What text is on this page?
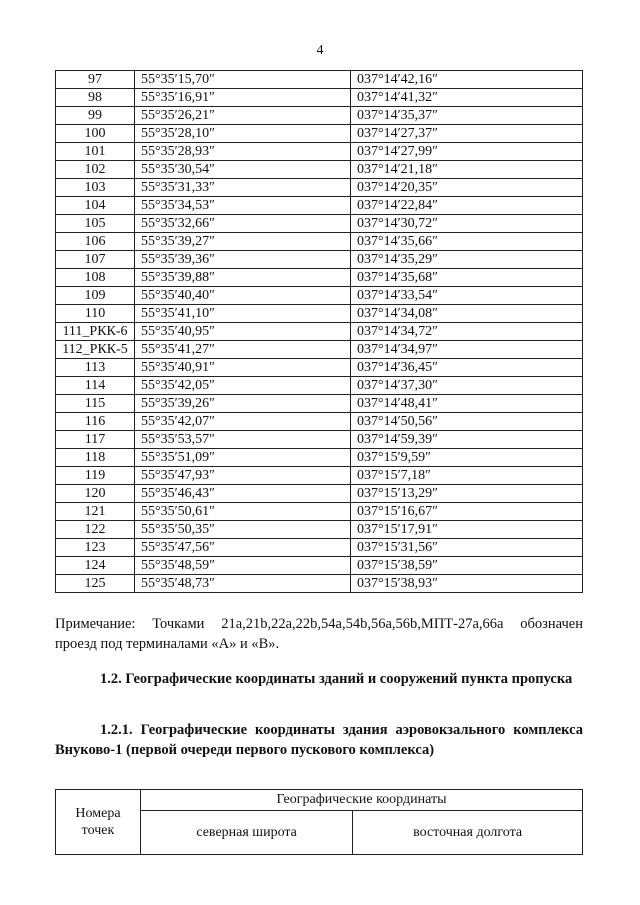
4
97	55°35′15,70″	037°14′42,16″
98	55°35′16,91″	037°14′41,32″
99	55°35′26,21″	037°14′35,37″
100	55°35′28,10″	037°14′27,37″
101	55°35′28,93″	037°14′27,99″
102	55°35′30,54″	037°14′21,18″
103	55°35′31,33″	037°14′20,35″
104	55°35′34,53″	037°14′22,84″
105	55°35′32,66″	037°14′30,72″
106	55°35′39,27″	037°14′35,66″
107	55°35′39,36″	037°14′35,29″
108	55°35′39,88″	037°14′35,68″
109	55°35′40,40″	037°14′33,54″
110	55°35′41,10″	037°14′34,08″
111_РКК-6	55°35′40,95″	037°14′34,72″
112_РКК-5	55°35′41,27″	037°14′34,97″
113	55°35′40,91″	037°14′36,45″
114	55°35′42,05″	037°14′37,30″
115	55°35′39,26″	037°14′48,41″
116	55°35′42,07″	037°14′50,56″
117	55°35′53,57″	037°14′59,39″
118	55°35′51,09″	037°15′9,59″
119	55°35′47,93″	037°15′7,18″
120	55°35′46,43″	037°15′13,29″
121	55°35′50,61″	037°15′16,67″
122	55°35′50,35″	037°15′17,91″
123	55°35′47,56″	037°15′31,56″
124	55°35′48,59″	037°15′38,59″
125	55°35′48,73″	037°15′38,93″
Примечание: Точками 21а,21b,22а,22b,54а,54b,56а,56b,МПТ-27а,66а обозначен проезд под терминалами «А» и «В».
1.2. Географические координаты зданий и сооружений пункта пропуска
1.2.1. Географические координаты здания аэровокзального комплекса Внуково-1 (первой очереди первого пускового комплекса)
Номера
точек	Географические координаты	
	северная широта	восточная долгота
